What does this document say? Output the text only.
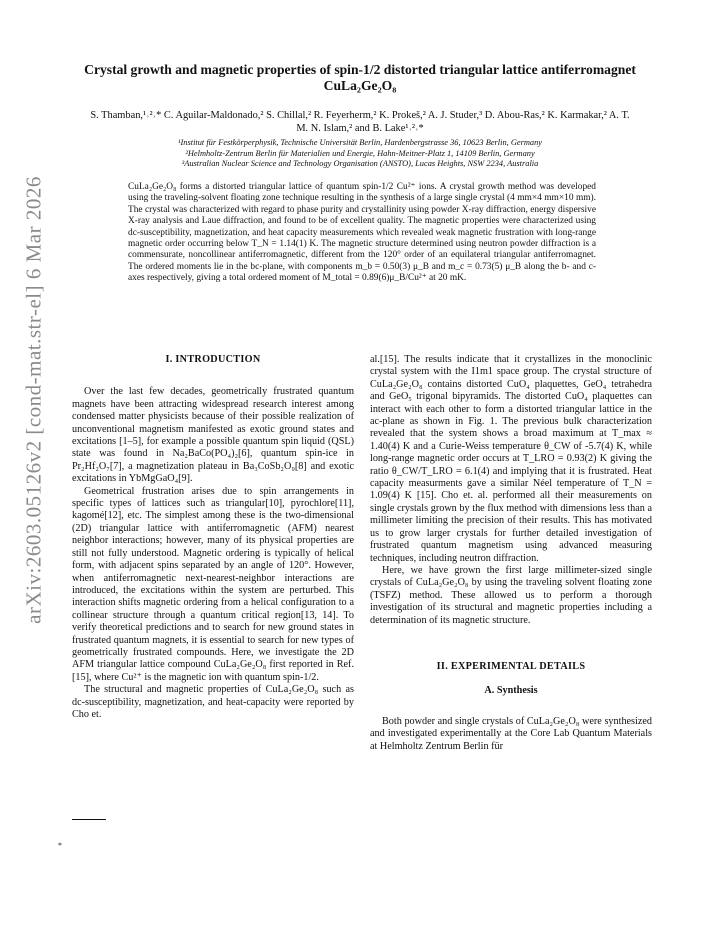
arXiv:2603.05126v2 [cond-mat.str-el] 6 Mar 2026
Crystal growth and magnetic properties of spin-1/2 distorted triangular lattice antiferromagnet CuLa₂Ge₂O₈
S. Thamban,¹˒²˒* C. Aguilar-Maldonado,² S. Chillal,² R. Feyerherm,² K. Prokeš,² A. J. Studer,³ D. Abou-Ras,² K. Karmakar,² A. T. M. N. Islam,² and B. Lake¹˒²˒*
¹Institut für Festkörperphysik, Technische Universität Berlin, Hardenbergstrasse 36, 10623 Berlin, Germany
²Helmholtz-Zentrum Berlin für Materialien und Energie, Hahn-Meitner-Platz 1, 14109 Berlin, Germany
³Australian Nuclear Science and Technology Organisation (ANSTO), Lucas Heights, NSW 2234, Australia
CuLa₂Ge₂O₈ forms a distorted triangular lattice of quantum spin-1/2 Cu²⁺ ions. A crystal growth method was developed using the traveling-solvent floating zone technique resulting in the synthesis of a large single crystal (4 mm×4 mm×10 mm). The crystal was characterized with regard to phase purity and crystallinity using powder X-ray diffraction, energy dispersive X-ray analysis and Laue diffraction, and found to be of excellent quality. The magnetic properties were characterized using dc-susceptibility, magnetization, and heat capacity measurements which revealed weak magnetic frustration with long-range magnetic order occurring below T_N = 1.14(1) K. The magnetic structure determined using neutron powder diffraction is a commensurate, noncollinear antiferromagnetic, different from the 120° order of an equilateral triangular antiferromagnet. The ordered moments lie in the bc-plane, with components m_b = 0.50(3) μ_B and m_c = 0.73(5) μ_B along the b- and c-axes respectively, giving a total ordered moment of M_total = 0.89(6)μ_B/Cu²⁺ at 20 mK.
I. INTRODUCTION

Over the last few decades, geometrically frustrated quantum magnets have been attracting widespread research interest among condensed matter physicists because of their possible realization of unconventional magnetism manifested as exotic ground states and excitations [1–5], for example a possible quantum spin liquid (QSL) state was found in Na₂BaCo(PO₄)₂[6], quantum spin-ice in Pr₂Hf₂O₇[7], a magnetization plateau in Ba₃CoSb₂O₉[8] and exotic excitations in YbMgGaO₄[9].

Geometrical frustration arises due to spin arrangements in specific types of lattices such as triangular[10], pyrochlore[11], kagomé[12], etc. The simplest among these is the two-dimensional (2D) triangular lattice with antiferromagnetic (AFM) nearest neighbor interactions; however, many of its physical properties are still not fully understood. Magnetic ordering is typically of helical form, with adjacent spins separated by an angle of 120°. However, when antiferromagnetic next-nearest-neighbor interactions are introduced, the excitations within the system are perturbed. This interaction shifts magnetic ordering from a helical configuration to a collinear structure through a quantum critical region[13, 14]. To verify theoretical predictions and to search for new ground states in frustrated quantum magnets, it is essential to search for new types of geometrically frustrated compounds. Here, we investigate the 2D AFM triangular lattice compound CuLa₂Ge₂O₈ first reported in Ref. [15], where Cu²⁺ is the magnetic ion with quantum spin-1/2.

The structural and magnetic properties of CuLa₂Ge₂O₈ such as dc-susceptibility, magnetization, and heat-capacity were reported by Cho et.

al.[15]. The results indicate that it crystallizes in the monoclinic crystal system with the I1m1 space group. The crystal structure of CuLa₂Ge₂O₈ contains distorted CuO₄ plaquettes, GeO₄ tetrahedra and GeO₅ trigonal bipyramids. The distorted CuO₄ plaquettes can interact with each other to form a distorted triangular lattice in the ac-plane as shown in Fig. 1. The previous bulk characterization revealed that the system shows a broad maximum at T_max ≈ 1.40(4) K and a Curie-Weiss temperature θ_CW of -5.7(4) K, while long-range magnetic order occurs at T_LRO = 0.93(2) K giving the ratio θ_CW/T_LRO = 6.1(4) and implying that it is frustrated. Heat capacity measurments gave a similar Néel temperature of T_N = 1.09(4) K [15]. Cho et. al. performed all their measurements on single crystals grown by the flux method with dimensions less than a millimeter limiting the precision of their results. This has motivated us to grow larger crystals for further detailed investigation of frustrated quantum magnetism using advanced measuring techniques, including neutron diffraction.

Here, we have grown the first large millimeter-sized single crystals of CuLa₂Ge₂O₈ by using the traveling solvent floating zone (TSFZ) method. These allowed us to perform a thorough investigation of its structural and magnetic properties including a determination of its magnetic structure.

II. EXPERIMENTAL DETAILS
A. Synthesis

Both powder and single crystals of CuLa₂Ge₂O₈ were synthesized and investigated experimentally at the Core Lab Quantum Materials at Helmholtz Zentrum Berlin für

*
